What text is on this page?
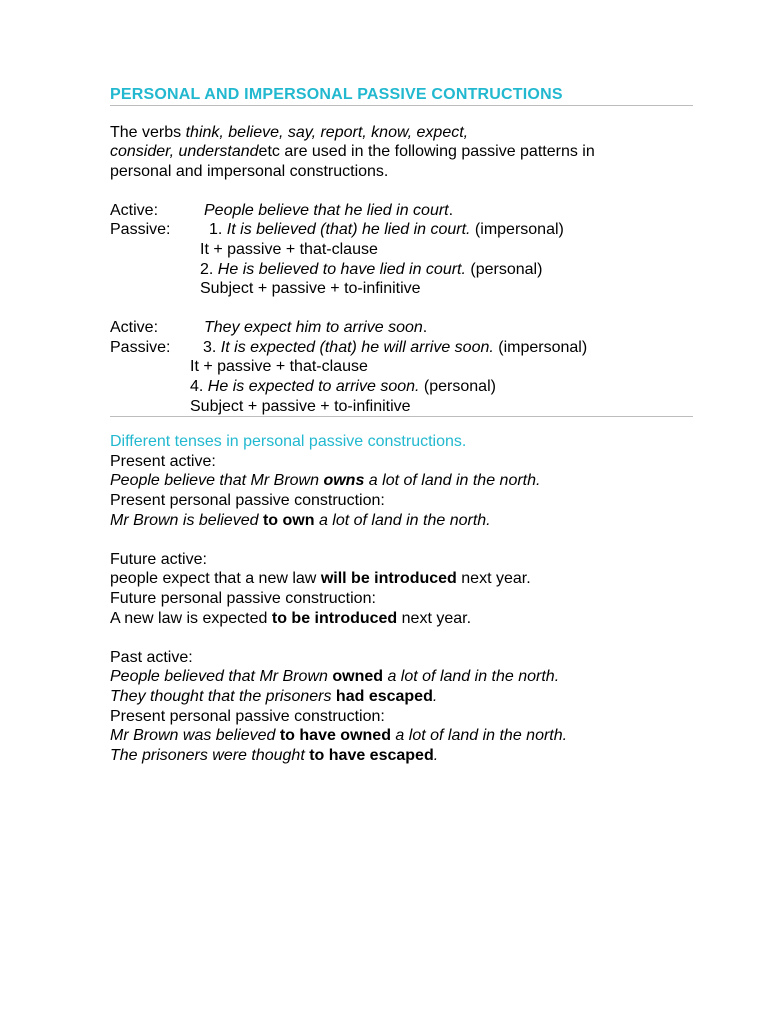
PERSONAL AND IMPERSONAL PASSIVE CONTRUCTIONS
The verbs think, believe, say, report, know, expect,
consider, understandetc are used in the following passive patterns in
personal and impersonal constructions.
Active:	People believe that he lied in court.
Passive: 1. It is believed (that) he lied in court. (impersonal)
It + passive + that-clause
2. He is believed to have lied in court. (personal)
Subject + passive + to-infinitive
Active:	They expect him to arrive soon.
Passive: 3. It is expected (that) he will arrive soon. (impersonal)
It + passive + that-clause
4. He is expected to arrive soon. (personal)
Subject + passive + to-infinitive
Different tenses in personal passive constructions.
Present active:
People believe that Mr Brown owns a lot of land in the north.
Present personal passive construction:
Mr Brown is believed to own a lot of land in the north.
Future active:
people expect that a new law will be introduced next year.
Future personal passive construction:
A new law is expected to be introduced next year.
Past active:
People believed that Mr Brown owned a lot of land in the north.
They thought that the prisoners had escaped.
Present personal passive construction:
Mr Brown was believed to have owned a lot of land in the north.
The prisoners were thought to have escaped.
